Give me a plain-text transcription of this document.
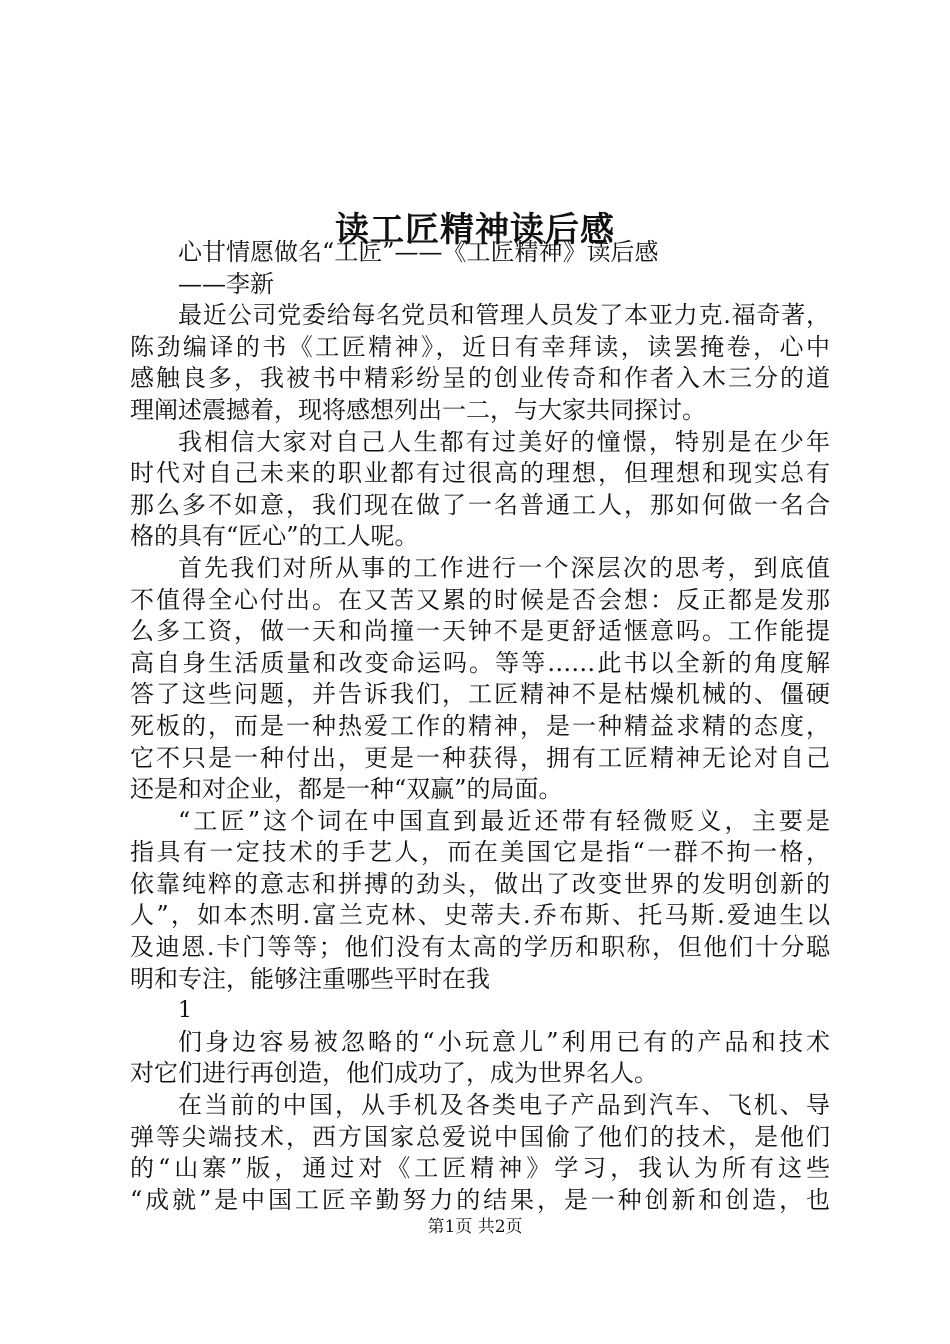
读工匠精神读后感

心甘情愿做名“工匠”——《工匠精神》读后感

——李新

最近公司党委给每名党员和管理人员发了本亚力克.福奇著，

陈劲编译的书《工匠精神》，近日有幸拜读，读罢掩卷，心中

感触良多，我被书中精彩纷呈的创业传奇和作者入木三分的道

理阐述震撼着，现将感想列出一二，与大家共同探讨。

我相信大家对自己人生都有过美好的憧憬，特别是在少年

时代对自己未来的职业都有过很高的理想，但理想和现实总有

那么多不如意，我们现在做了一名普通工人，那如何做一名合

格的具有“匠心”的工人呢。

首先我们对所从事的工作进行一个深层次的思考，到底值

不值得全心付出。在又苦又累的时候是否会想：反正都是发那

么多工资，做一天和尚撞一天钟不是更舒适惬意吗。工作能提

高自身生活质量和改变命运吗。等等……此书以全新的角度解

答了这些问题，并告诉我们，工匠精神不是枯燥机械的、僵硬

死板的，而是一种热爱工作的精神，是一种精益求精的态度，

它不只是一种付出，更是一种获得，拥有工匠精神无论对自己

还是和对企业，都是一种“双赢”的局面。

“工匠”这个词在中国直到最近还带有轻微贬义，主要是

指具有一定技术的手艺人，而在美国它是指“一群不拘一格，

依靠纯粹的意志和拼搏的劲头，做出了改变世界的发明创新的

人”，如本杰明.富兰克林、史蒂夫.乔布斯、托马斯.爱迪生以

及迪恩.卡门等等；他们没有太高的学历和职称，但他们十分聪

明和专注，能够注重哪些平时在我

1

们身边容易被忽略的“小玩意儿”利用已有的产品和技术

对它们进行再创造，他们成功了，成为世界名人。

在当前的中国，从手机及各类电子产品到汽车、飞机、导

弹等尖端技术，西方国家总爱说中国偷了他们的技术，是他们

的“山寨”版，通过对《工匠精神》学习，我认为所有这些

“成就”是中国工匠辛勤努力的结果，是一种创新和创造，也

第1页 共2页
